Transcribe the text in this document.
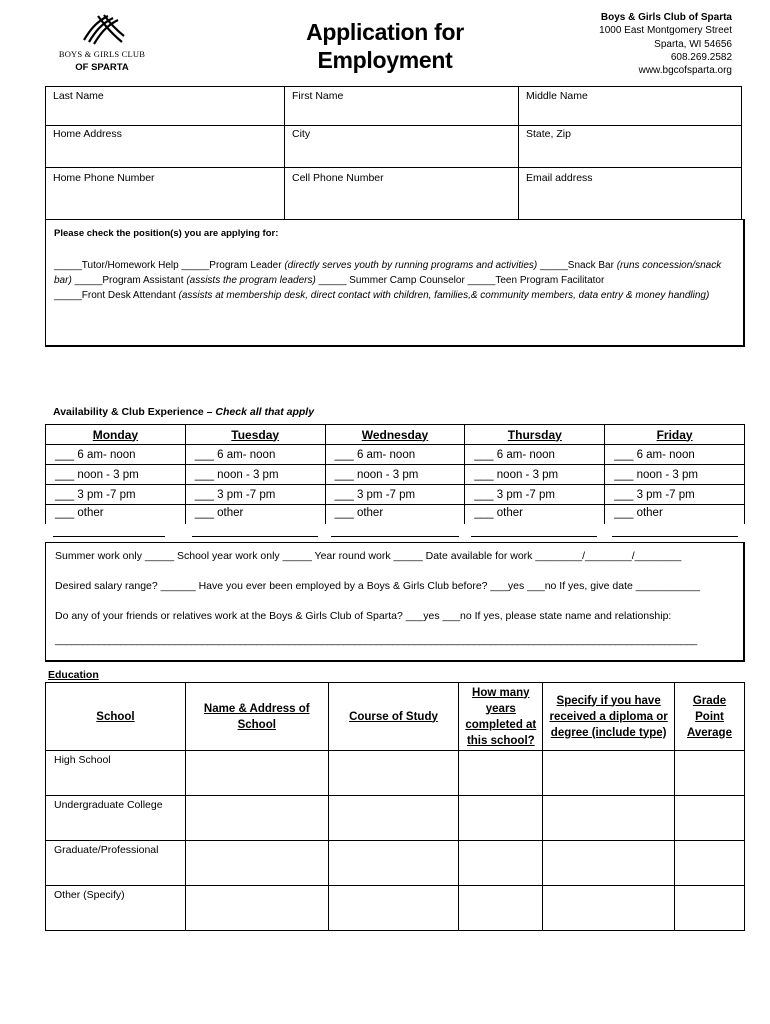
BOYS & GIRLS CLUB
OF SPARTA
Application for
Employment
Boys & Girls Club of Sparta
1000 East Montgomery Street
Sparta, WI 54656
608.269.2582
www.bgcofsparta.org
Last Name	First Name	Middle Name
Home Address	City	State, Zip
Home Phone Number	Cell Phone Number	Email address
Please check the position(s) you are applying for:
_____Tutor/Homework Help _____Program Leader (directly serves youth by running programs and activities) _____Snack Bar (runs concession/snack bar) _____Program Assistant (assists the program leaders) _____ Summer Camp Counselor _____Teen Program Facilitator
_____Front Desk Attendant (assists at membership desk, direct contact with children, families,& community members, data entry & money handling)
Availability & Club Experience – Check all that apply
Monday	Tuesday	Wednesday	Thursday	Friday
___ 6 am- noon	___ 6 am- noon	___ 6 am- noon	___ 6 am- noon	___ 6 am- noon
___ noon - 3 pm	___ noon - 3 pm	___ noon - 3 pm	___ noon - 3 pm	___ noon - 3 pm
___ 3 pm -7 pm	___ 3 pm -7 pm	___ 3 pm -7 pm	___ 3 pm -7 pm	___ 3 pm -7 pm
___ other	___ other	___ other	___ other	___ other
Summer work only _____ School year work only _____ Year round work _____ Date available for work ________/________/________
Desired salary range? ______ Have you ever been employed by a Boys & Girls Club before? ___yes ___no If yes, give date ___________
Do any of your friends or relatives work at the Boys & Girls Club of Sparta? ___yes ___no If yes, please state name and relationship:
______________________________________________________________________________________________________________________
Education
School	Name & Address of School	Course of Study	How many years completed at this school?	Specify if you have received a diploma or degree (include type)	Grade Point Average
High School					
Undergraduate College					
Graduate/Professional					
Other (Specify)					
